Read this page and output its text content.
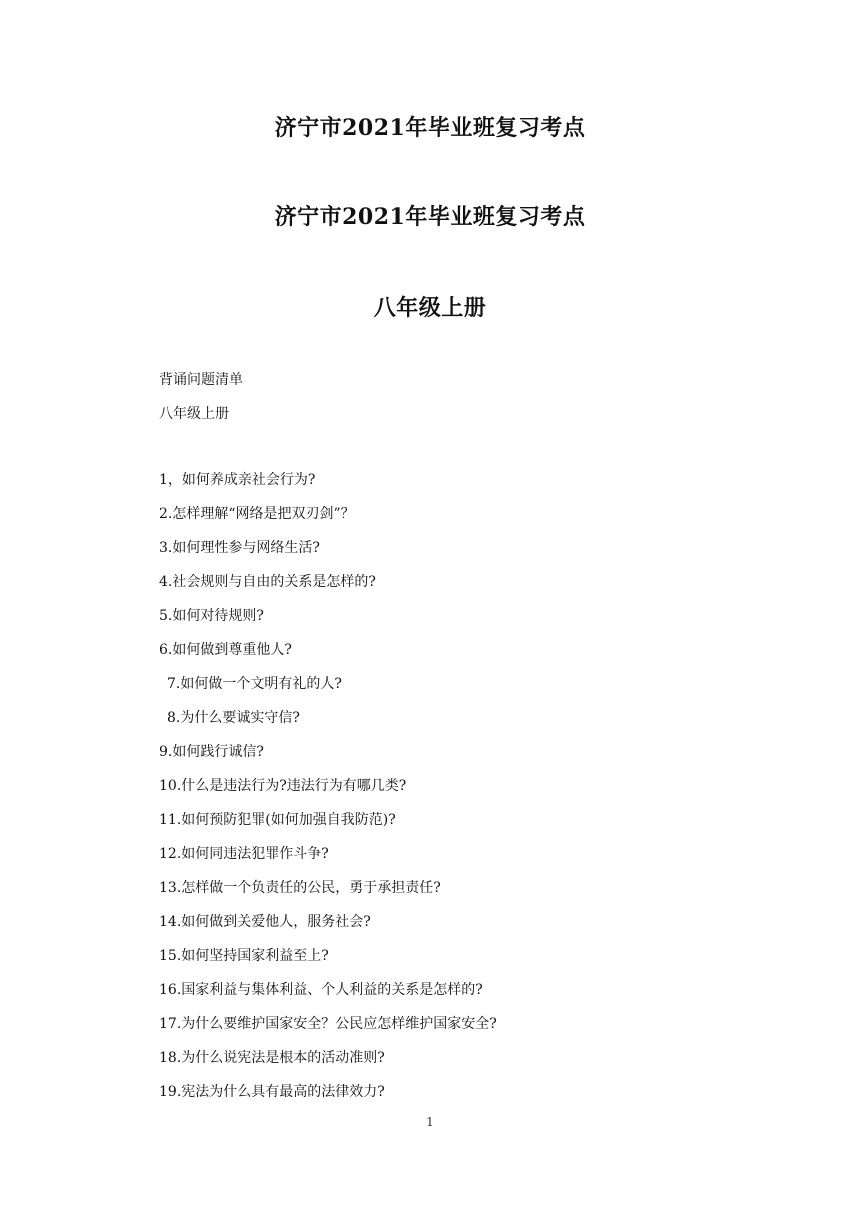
济宁市2021年毕业班复习考点
济宁市2021年毕业班复习考点
八年级上册
背诵问题清单
八年级上册
1，如何养成亲社会行为?
2.怎样理解“网络是把双刃剑”？
3.如何理性参与网络生活?
4.社会规则与自由的关系是怎样的?
5.如何对待规则?
6.如何做到尊重他人?
7.如何做一个文明有礼的人?
8.为什么要诚实守信?
9.如何践行诚信?
10.什么是违法行为?违法行为有哪几类?
11.如何预防犯罪(如何加强自我防范)?
12.如何同违法犯罪作斗争?
13.怎样做一个负责任的公民，勇于承担责任?
14.如何做到关爱他人，服务社会?
15.如何坚持国家利益至上?
16.国家利益与集体利益、个人利益的关系是怎样的?
17.为什么要维护国家安全？公民应怎样维护国家安全?
18.为什么说宪法是根本的活动准则?
19.宪法为什么具有最高的法律效力?
1
